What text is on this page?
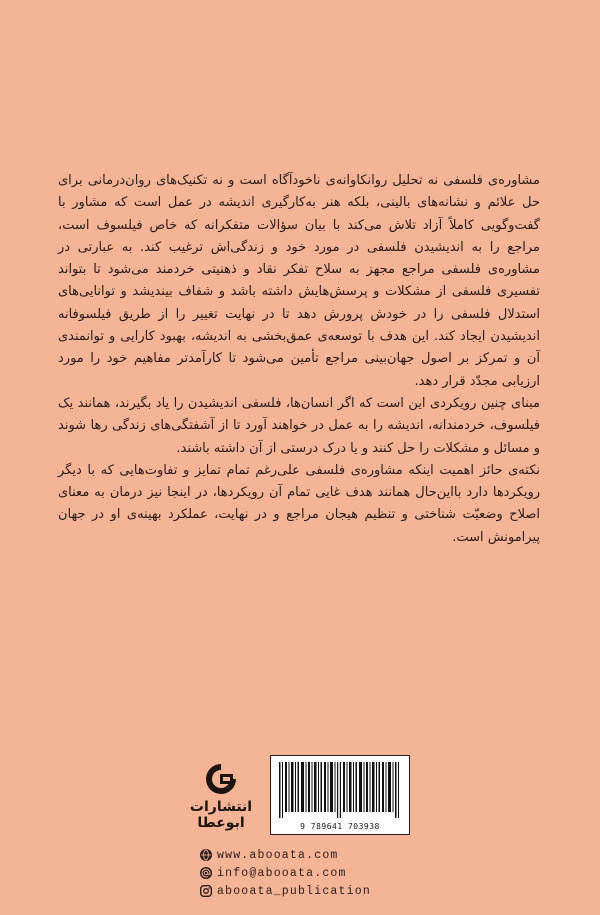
مشاوره‌ی فلسفی نه تحلیل روانکاوانه‌ی ناخودآگاه است و نه تکنیک‌های روان‌درمانی برای حل علائم و نشانه‌های بالینی، بلکه هنر به‌کارگیری اندیشه در عمل است که مشاور با گفت‌وگویی کاملاً آزاد تلاش می‌کند با بیان سؤالات متفکرانه که خاص فیلسوف است، مراجع را به اندیشیدن فلسفی در مورد خود و زندگی‌اش ترغیب کند. به عبارتی در مشاوره‌ی فلسفی مراجع مجهز به سلاح تفکر نقاد و ذهنیتی خردمند می‌شود تا بتواند تفسیری فلسفی از مشکلات و پرسش‌هایش داشته باشد و شفاف بیندیشد و توانایی‌های استدلال فلسفی را در خودش پرورش دهد تا در نهایت تغییر را از طریق فیلسوفانه اندیشیدن ایجاد کند. این هدف با توسعه‌ی عمق‌بخشی به اندیشه، بهبود کارایی و توانمندی آن و تمرکز بر اصول جهان‌بینی مراجع تأمین می‌شود تا کارآمدتر مفاهیم خود را مورد ارزیابی مجدّد قرار دهد.

مبنای چنین رویکردی این است که اگر انسان‌ها، فلسفی اندیشیدن را یاد بگیرند، همانند یک فیلسوف، خردمندانه، اندیشه را به عمل در خواهند آورد تا از آشفتگی‌های زندگی رها شوند و مسائل و مشکلات را حل کنند و یا درک درستی از آن داشته باشند.

نکته‌ی حائز اهمیت اینکه مشاوره‌ی فلسفی علی‌رغم تمام تمایز و تفاوت‌هایی که با دیگر رویکردها دارد بااین‌حال همانند هدف غایی تمام آن رویکردها، در اینجا نیز درمان به معنای اصلاح وضعیّت شناختی و تنظیم هیجان مراجع و در نهایت، عملکرد بهینه‌ی او در جهان پیرامونش است.

انتشارات
ابوعطا	9 789641 703938
www.abooata.com
info@abooata.com
abooata_publication
